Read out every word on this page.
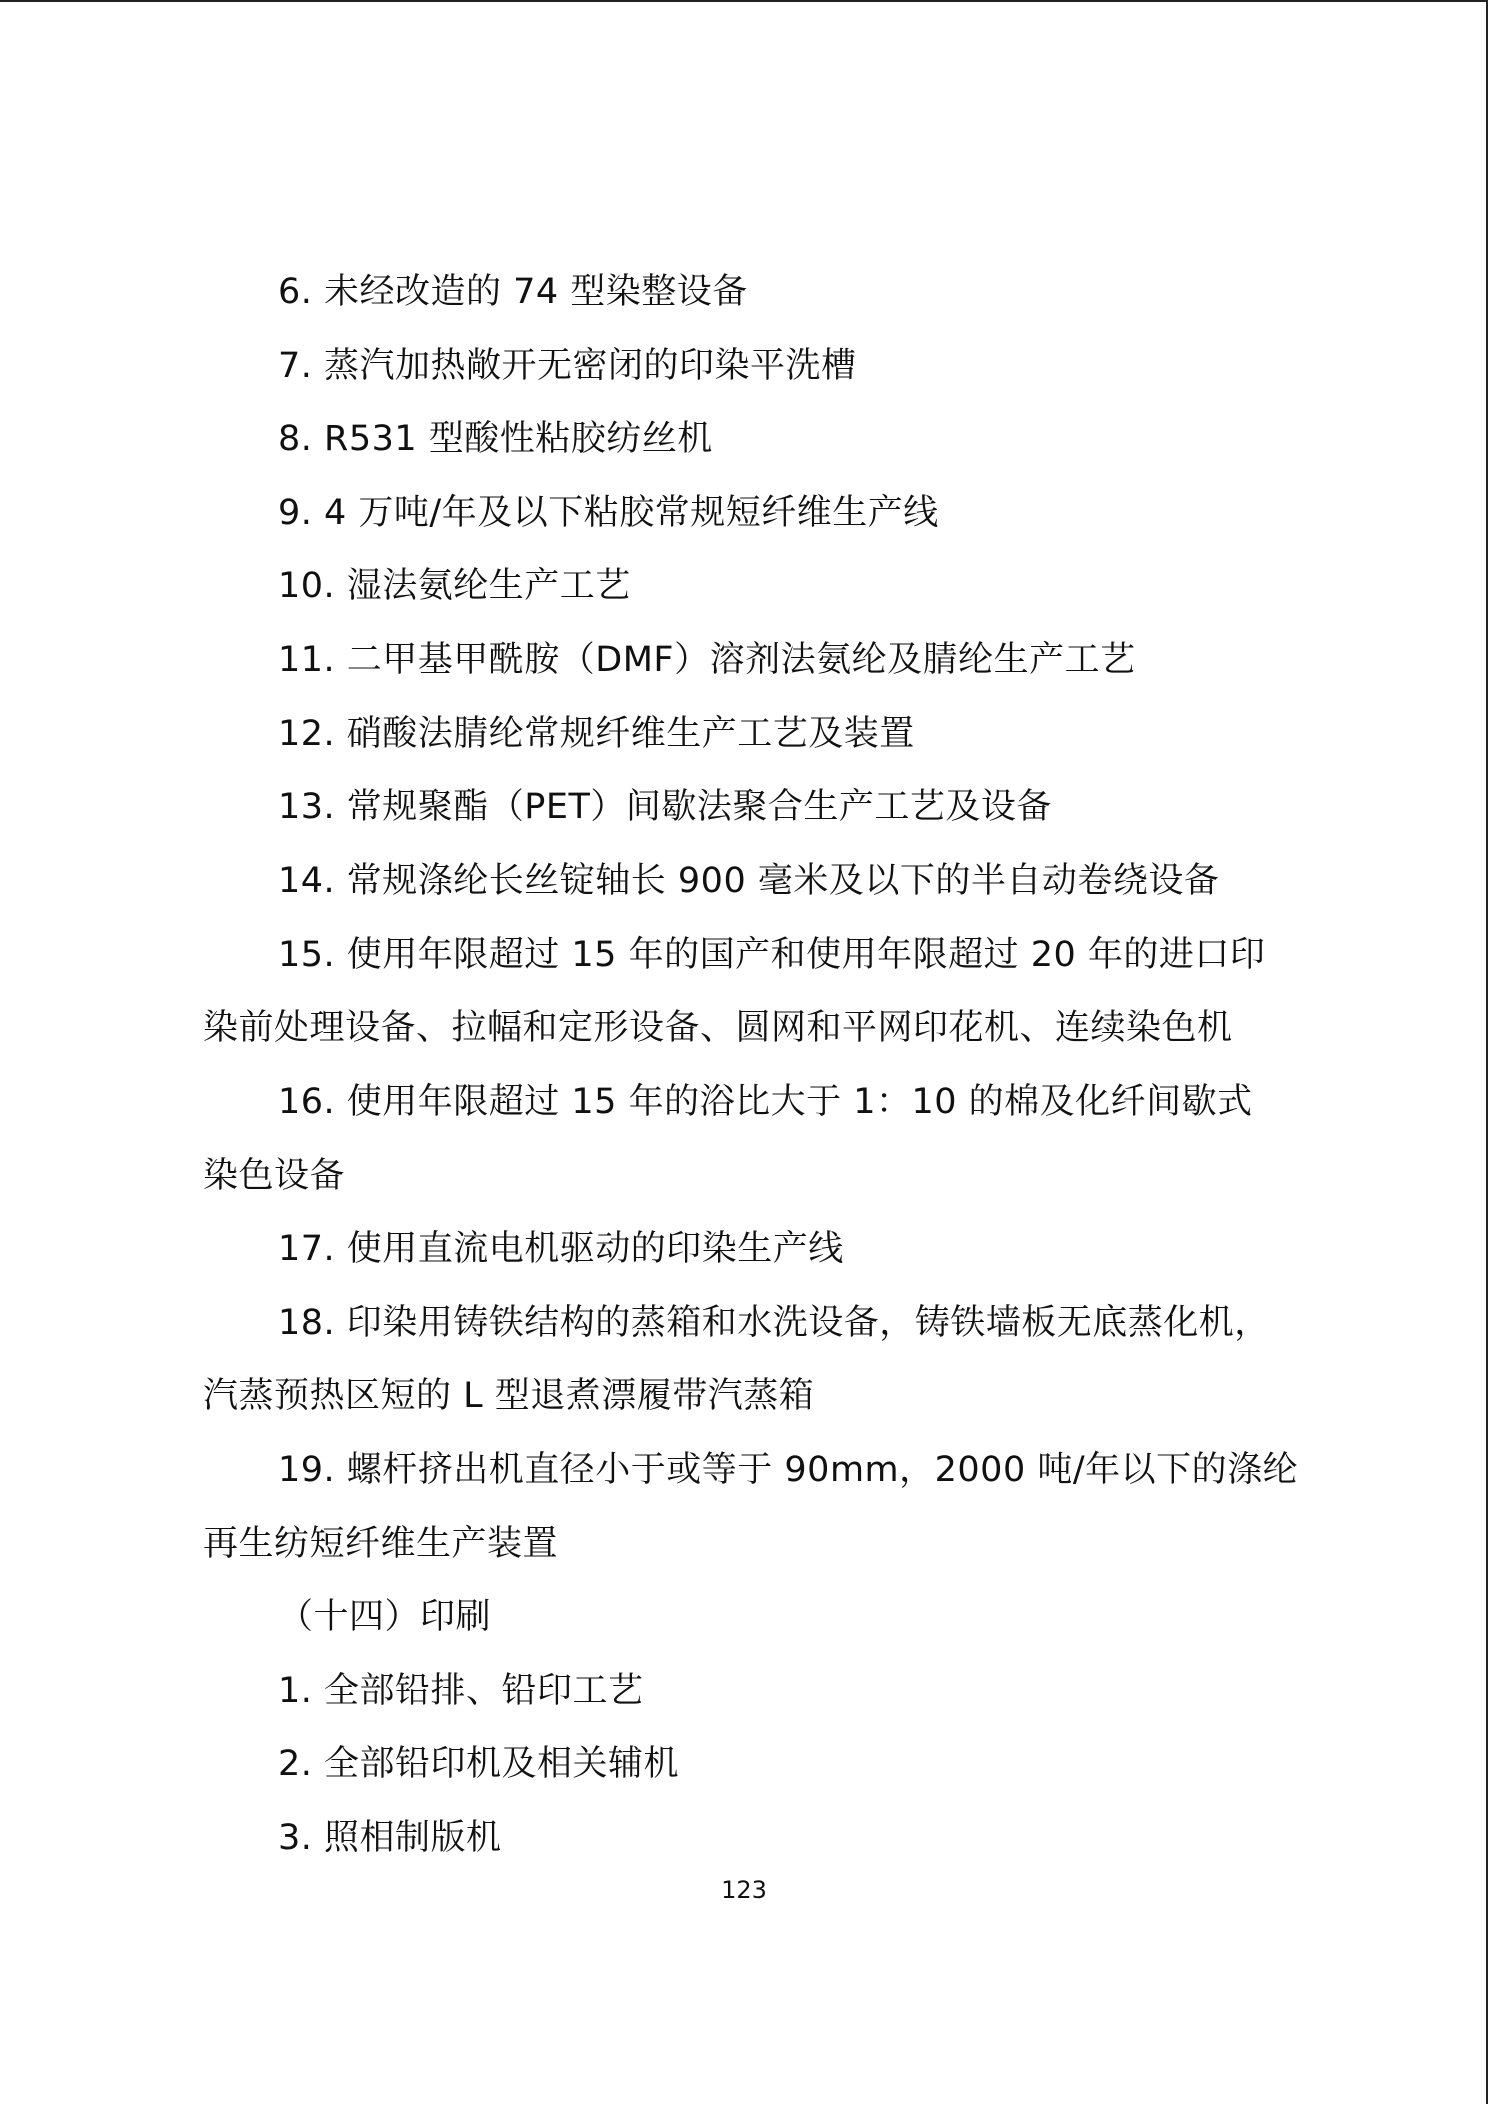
6. 未经改造的 74 型染整设备
7. 蒸汽加热敞开无密闭的印染平洗槽
8. R531 型酸性粘胶纺丝机
9. 4 万吨/年及以下粘胶常规短纤维生产线
10. 湿法氨纶生产工艺
11. 二甲基甲酰胺（DMF）溶剂法氨纶及腈纶生产工艺
12. 硝酸法腈纶常规纤维生产工艺及装置
13. 常规聚酯（PET）间歇法聚合生产工艺及设备
14. 常规涤纶长丝锭轴长 900 毫米及以下的半自动卷绕设备
15. 使用年限超过 15 年的国产和使用年限超过 20 年的进口印
染前处理设备、拉幅和定形设备、圆网和平网印花机、连续染色机
16. 使用年限超过 15 年的浴比大于 1：10 的棉及化纤间歇式
染色设备
17. 使用直流电机驱动的印染生产线
18. 印染用铸铁结构的蒸箱和水洗设备，铸铁墙板无底蒸化机，
汽蒸预热区短的 L 型退煮漂履带汽蒸箱
19. 螺杆挤出机直径小于或等于 90mm，2000 吨/年以下的涤纶
再生纺短纤维生产装置
（十四）印刷
1. 全部铅排、铅印工艺
2. 全部铅印机及相关辅机
3. 照相制版机
123
